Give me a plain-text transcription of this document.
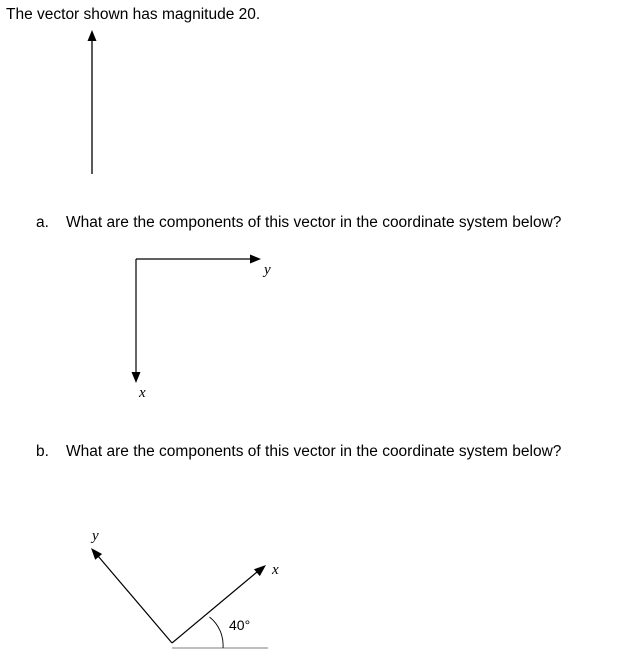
The vector shown has magnitude 20.
a. What are the components of this vector in the coordinate system below?
b. What are the components of this vector in the coordinate system below?
y
x
y
x
40°
